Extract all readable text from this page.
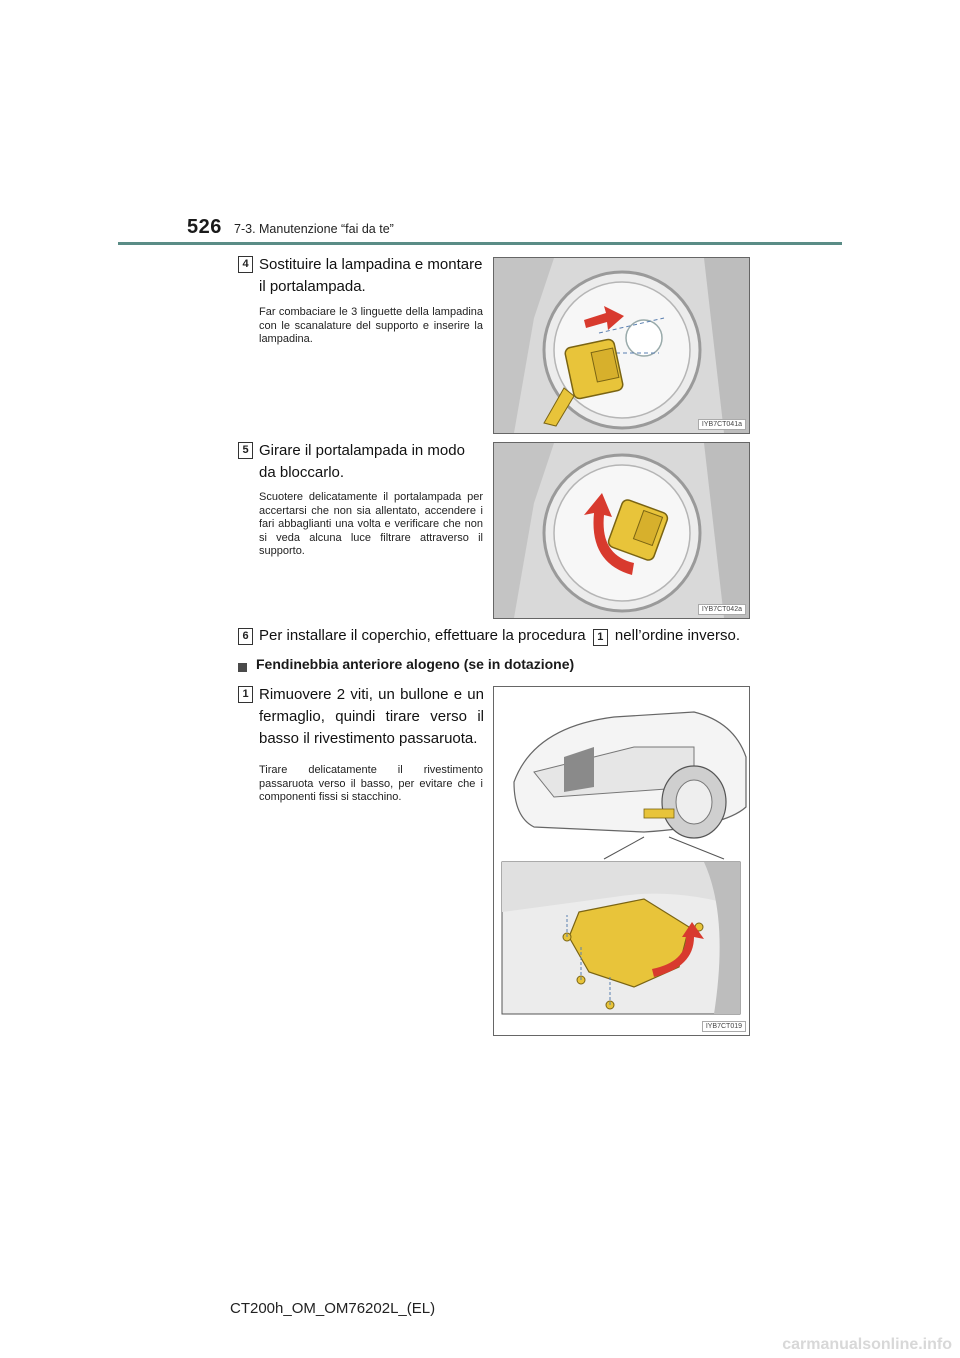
526 7-3. Manutenzione “fai da te”
4 Sostituire la lampadina e montare il portalampada.
Far combaciare le 3 linguette della lampadina con le scanalature del supporto e inserire la lampadina.
IYB7CT041a
5 Girare il portalampada in modo da bloccarlo.
Scuotere delicatamente il portalampada per accertarsi che non sia allentato, accendere i fari abbaglianti una volta e verificare che non si veda alcuna luce filtrare attraverso il supporto.
IYB7CT042a
6 Per installare il coperchio, effettuare la procedura 1 nell’ordine inverso.
Fendinebbia anteriore alogeno (se in dotazione)
1 Rimuovere 2 viti, un bullone e un fermaglio, quindi tirare verso il basso il rivestimento passaruota.
Tirare delicatamente il rivestimento passaruota verso il basso, per evitare che i componenti fissi si stacchino.
IYB7CT019
CT200h_OM_OM76202L_(EL)
carmanualsonline.info
